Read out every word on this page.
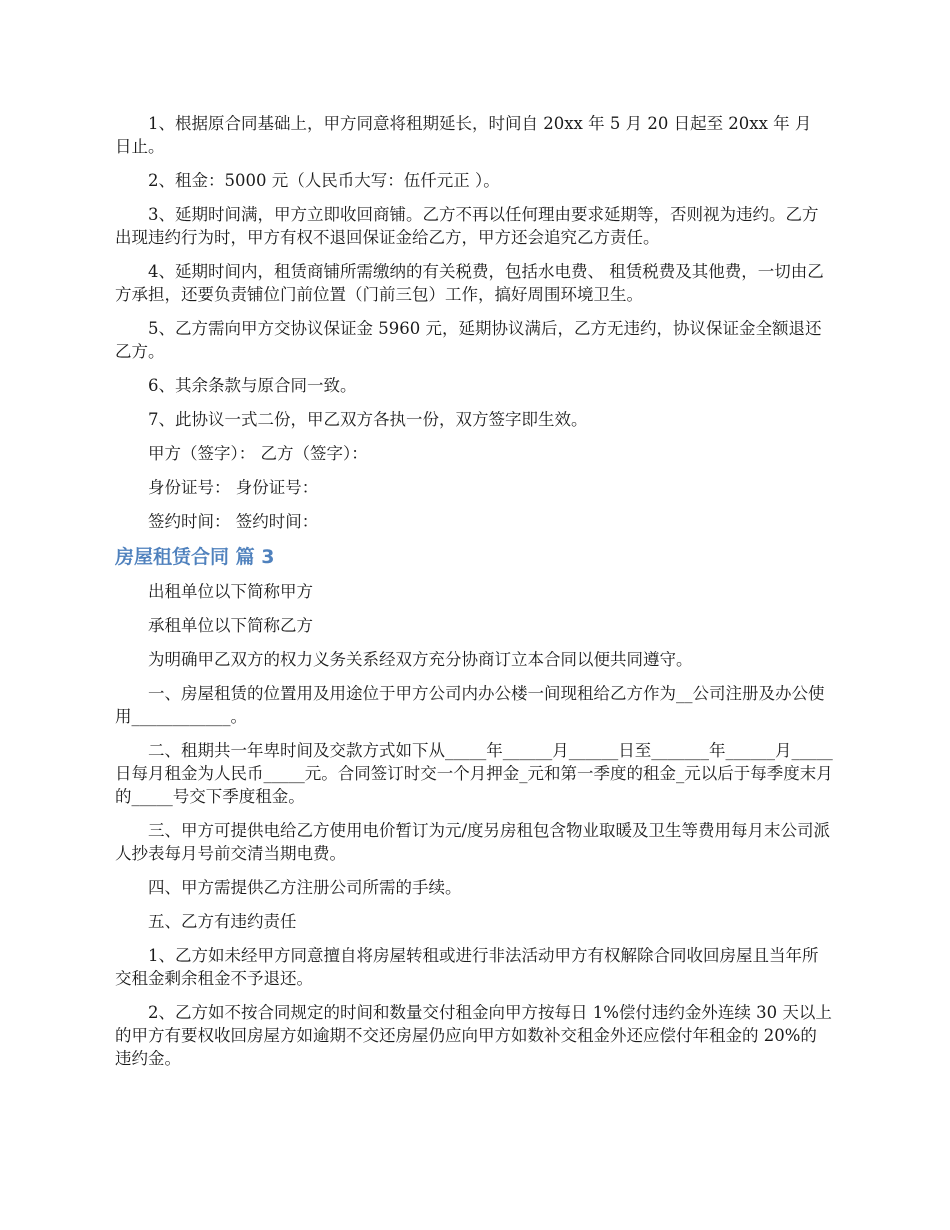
1、根据原合同基础上，甲方同意将租期延长，时间自 20xx 年 5 月 20 日起至 20xx 年 月 日止。

2、租金：5000 元（人民币大写：伍仟元正 ）。

3、延期时间满，甲方立即收回商铺。乙方不再以任何理由要求延期等，否则视为违约。乙方出现违约行为时，甲方有权不退回保证金给乙方，甲方还会追究乙方责任。

4、延期时间内，租赁商铺所需缴纳的有关税费，包括水电费、 租赁税费及其他费，一切由乙方承担，还要负责铺位门前位置（门前三包）工作，搞好周围环境卫生。

5、乙方需向甲方交协议保证金 5960 元，延期协议满后，乙方无违约，协议保证金全额退还乙方。

6、其余条款与原合同一致。

7、此协议一式二份，甲乙双方各执一份，双方签字即生效。

甲方（签字）： 乙方（签字）：

身份证号： 身份证号：

签约时间： 签约时间：

房屋租赁合同 篇 3

出租单位以下简称甲方

承租单位以下简称乙方

为明确甲乙双方的权力义务关系经双方充分协商订立本合同以便共同遵守。

一、房屋租赁的位置用及用途位于甲方公司内办公楼一间现租给乙方作为__公司注册及办公使用____________。

二、租期共一年卑时间及交款方式如下从_____年______月______日至_______年______月_____日每月租金为人民币_____元。合同签订时交一个月押金_元和第一季度的租金_元以后于每季度末月的_____号交下季度租金。

三、甲方可提供电给乙方使用电价暂订为元/度另房租包含物业取暖及卫生等费用每月末公司派人抄表每月号前交清当期电费。

四、甲方需提供乙方注册公司所需的手续。

五、乙方有违约责任

1、乙方如未经甲方同意擅自将房屋转租或进行非法活动甲方有权解除合同收回房屋且当年所交租金剩余租金不予退还。

2、乙方如不按合同规定的时间和数量交付租金向甲方按每日 1%偿付违约金外连续 30 天以上的甲方有要权收回房屋方如逾期不交还房屋仍应向甲方如数补交租金外还应偿付年租金的 20%的违约金。
